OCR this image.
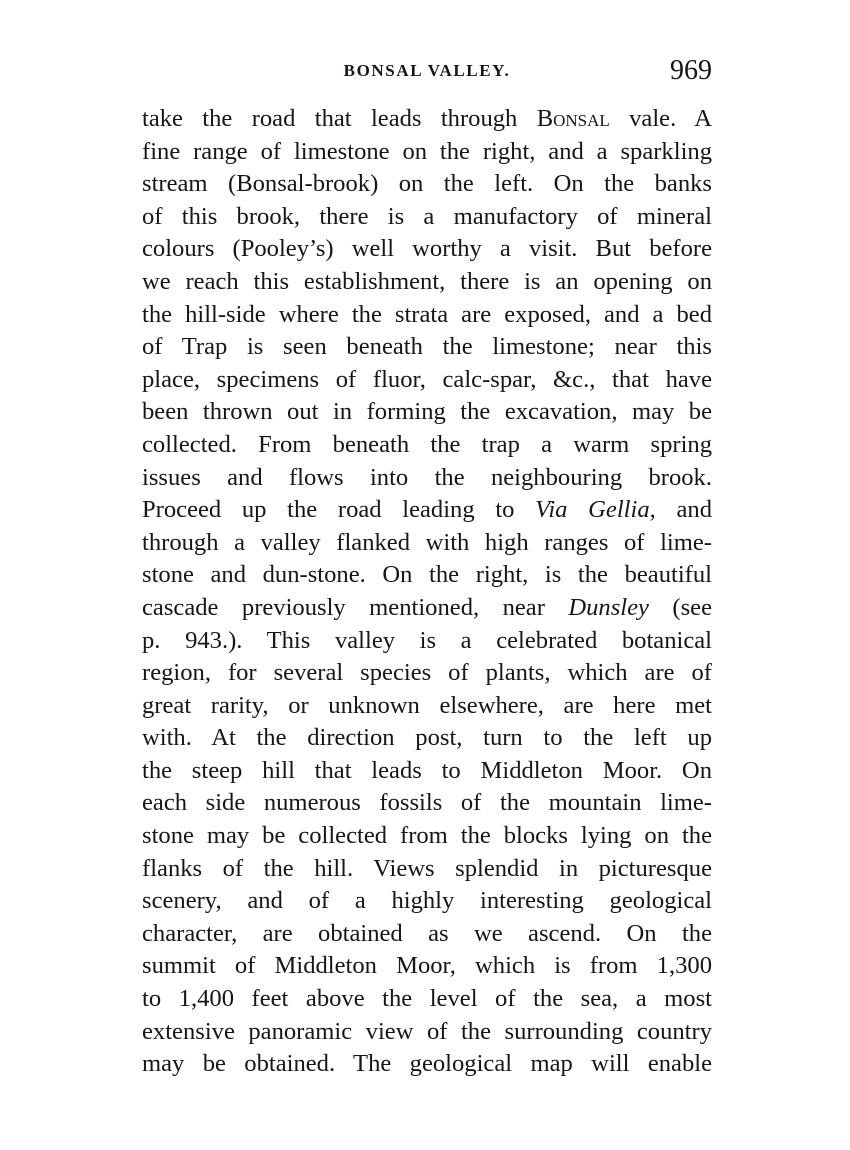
BONSAL VALLEY.	969
take the road that leads through Bonsal vale. A
fine range of limestone on the right, and a sparkling
stream (Bonsal-brook) on the left. On the banks
of this brook, there is a manufactory of mineral
colours (Pooley’s) well worthy a visit. But before
we reach this establishment, there is an opening on
the hill-side where the strata are exposed, and a bed
of Trap is seen beneath the limestone; near this
place, specimens of fluor, calc-spar, &c., that have
been thrown out in forming the excavation, may be
collected. From beneath the trap a warm spring
issues and flows into the neighbouring brook.
Proceed up the road leading to Via Gellia, and
through a valley flanked with high ranges of lime-
stone and dun-stone. On the right, is the beautiful
cascade previously mentioned, near Dunsley (see
p. 943.). This valley is a celebrated botanical
region, for several species of plants, which are of
great rarity, or unknown elsewhere, are here met
with. At the direction post, turn to the left up
the steep hill that leads to Middleton Moor. On
each side numerous fossils of the mountain lime-
stone may be collected from the blocks lying on the
flanks of the hill. Views splendid in picturesque
scenery, and of a highly interesting geological
character, are obtained as we ascend. On the
summit of Middleton Moor, which is from 1,300
to 1,400 feet above the level of the sea, a most
extensive panoramic view of the surrounding country
may be obtained. The geological map will enable
